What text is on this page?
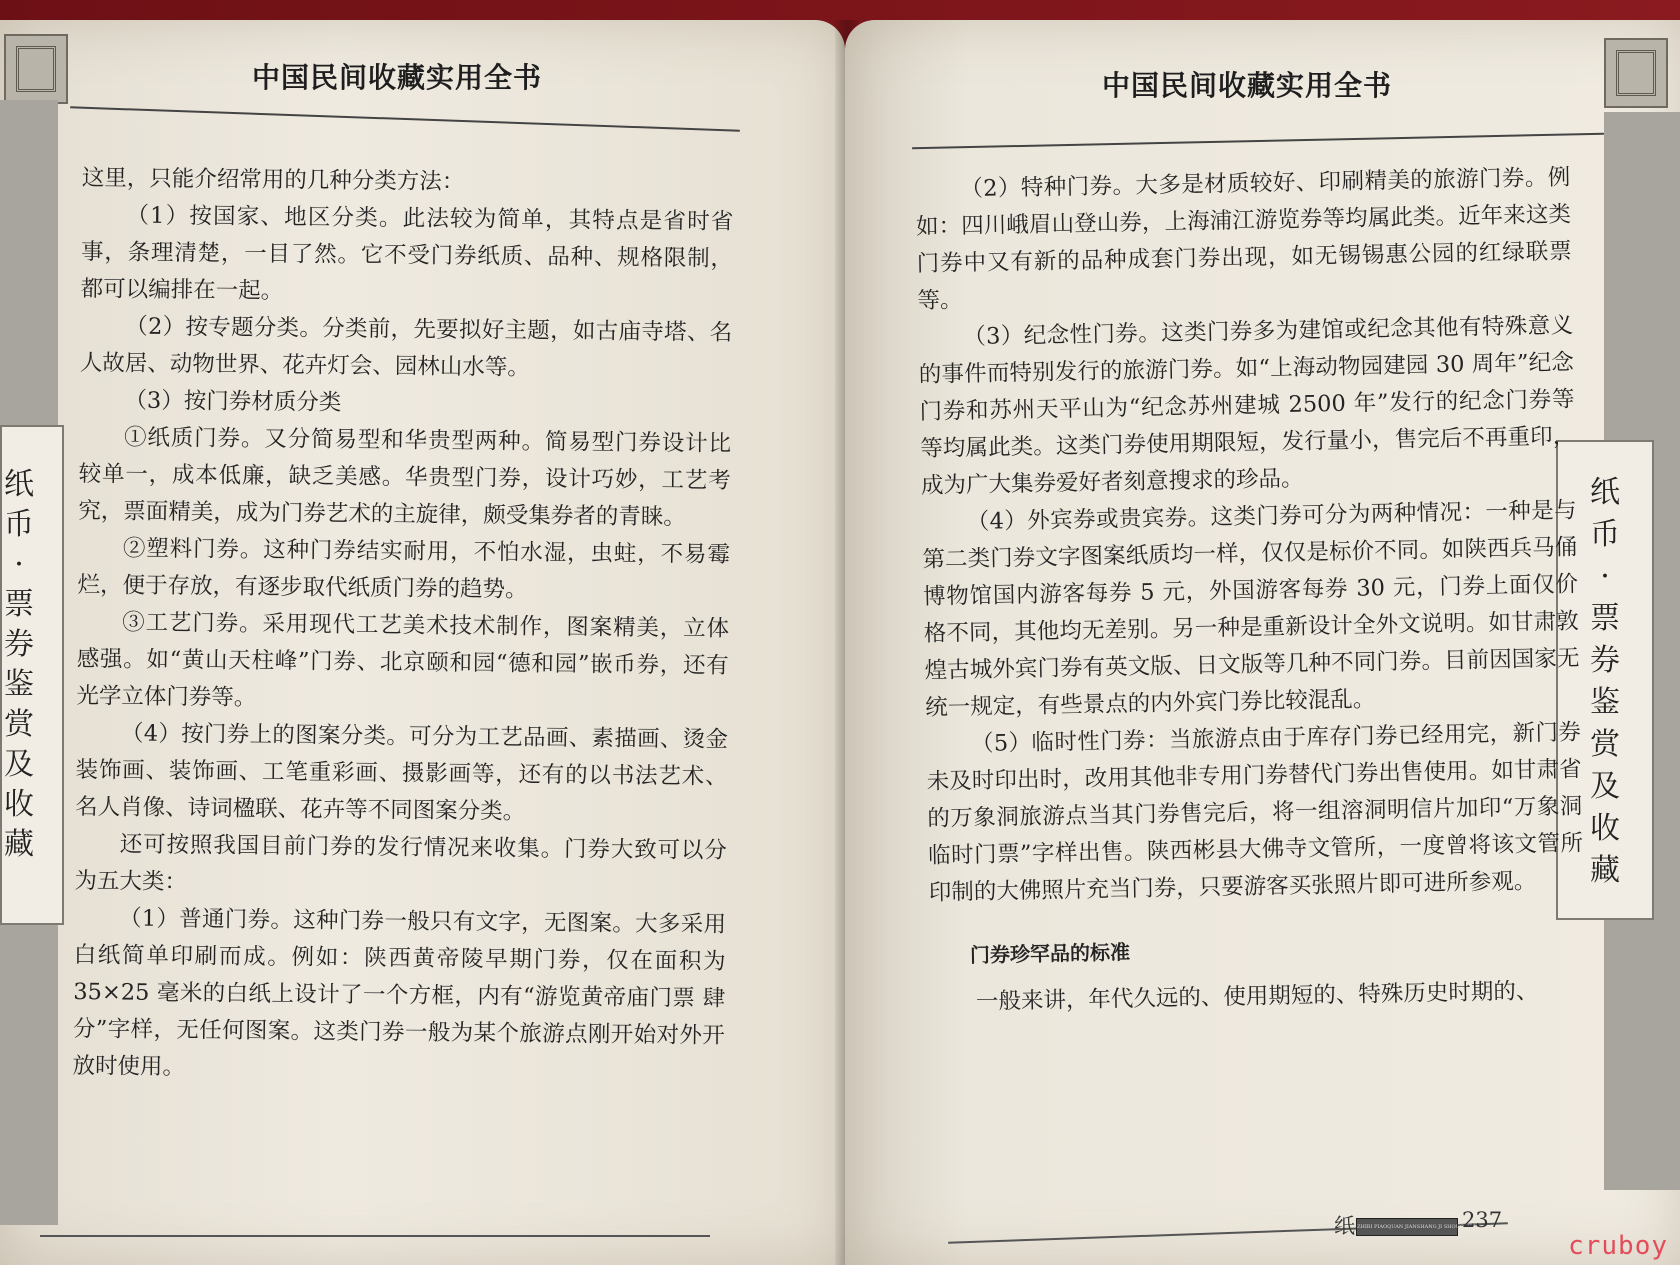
中国民间收藏实用全书
纸
币
·
票
券
鉴
赏
及
收
藏

这里，只能介绍常用的几种分类方法：

（1）按国家、地区分类。此法较为简单，其特点是省时省事，条理清楚，一目了然。它不受门券纸质、品种、规格限制，都可以编排在一起。

（2）按专题分类。分类前，先要拟好主题，如古庙寺塔、名人故居、动物世界、花卉灯会、园林山水等。

（3）按门券材质分类

①纸质门券。又分简易型和华贵型两种。简易型门券设计比较单一，成本低廉，缺乏美感。华贵型门券，设计巧妙，工艺考究，票面精美，成为门券艺术的主旋律，颇受集券者的青睐。

②塑料门券。这种门券结实耐用，不怕水湿，虫蛀，不易霉烂，便于存放，有逐步取代纸质门券的趋势。

③工艺门券。采用现代工艺美术技术制作，图案精美，立体感强。如“黄山天柱峰”门券、北京颐和园“德和园”嵌币券，还有光学立体门券等。

（4）按门券上的图案分类。可分为工艺品画、素描画、烫金装饰画、装饰画、工笔重彩画、摄影画等，还有的以书法艺术、名人肖像、诗词楹联、花卉等不同图案分类。

还可按照我国目前门券的发行情况来收集。门券大致可以分为五大类：

（1）普通门券。这种门券一般只有文字，无图案。大多采用白纸简单印刷而成。例如：陕西黄帝陵早期门券，仅在面积为 35×25 毫米的白纸上设计了一个方框，内有“游览黄帝庙门票 肆分”字样，无任何图案。这类门券一般为某个旅游点刚开始对外开放时使用。

中国民间收藏实用全书
纸
币
·
票
券
鉴
赏
及
收
藏

（2）特种门券。大多是材质较好、印刷精美的旅游门券。例如：四川峨眉山登山券，上海浦江游览券等均属此类。近年来这类门券中又有新的品种成套门券出现，如无锡锡惠公园的红绿联票等。

（3）纪念性门券。这类门券多为建馆或纪念其他有特殊意义的事件而特别发行的旅游门券。如“上海动物园建园 30 周年”纪念门券和苏州天平山为“纪念苏州建城 2500 年”发行的纪念门券等等均属此类。这类门券使用期限短，发行量小，售完后不再重印，成为广大集券爱好者刻意搜求的珍品。

（4）外宾券或贵宾券。这类门券可分为两种情况：一种是与第二类门券文字图案纸质均一样，仅仅是标价不同。如陕西兵马俑博物馆国内游客每券 5 元，外国游客每券 30 元，门券上面仅价格不同，其他均无差别。另一种是重新设计全外文说明。如甘肃敦煌古城外宾门券有英文版、日文版等几种不同门券。目前因国家无统一规定，有些景点的内外宾门券比较混乱。

（5）临时性门券：当旅游点由于库存门券已经用完，新门券未及时印出时，改用其他非专用门券替代门券出售使用。如甘肃省的万象洞旅游点当其门券售完后，将一组溶洞明信片加印“万象洞临时门票”字样出售。陕西彬县大佛寺文管所，一度曾将该文管所印制的大佛照片充当门券，只要游客买张照片即可进所参观。

门券珍罕品的标准

一般来讲，年代久远的、使用期短的、特殊历史时期的、

纸 ZHIBI PIAOQUAN JIANSHANG JI SHOUCANG
237
cruboy
